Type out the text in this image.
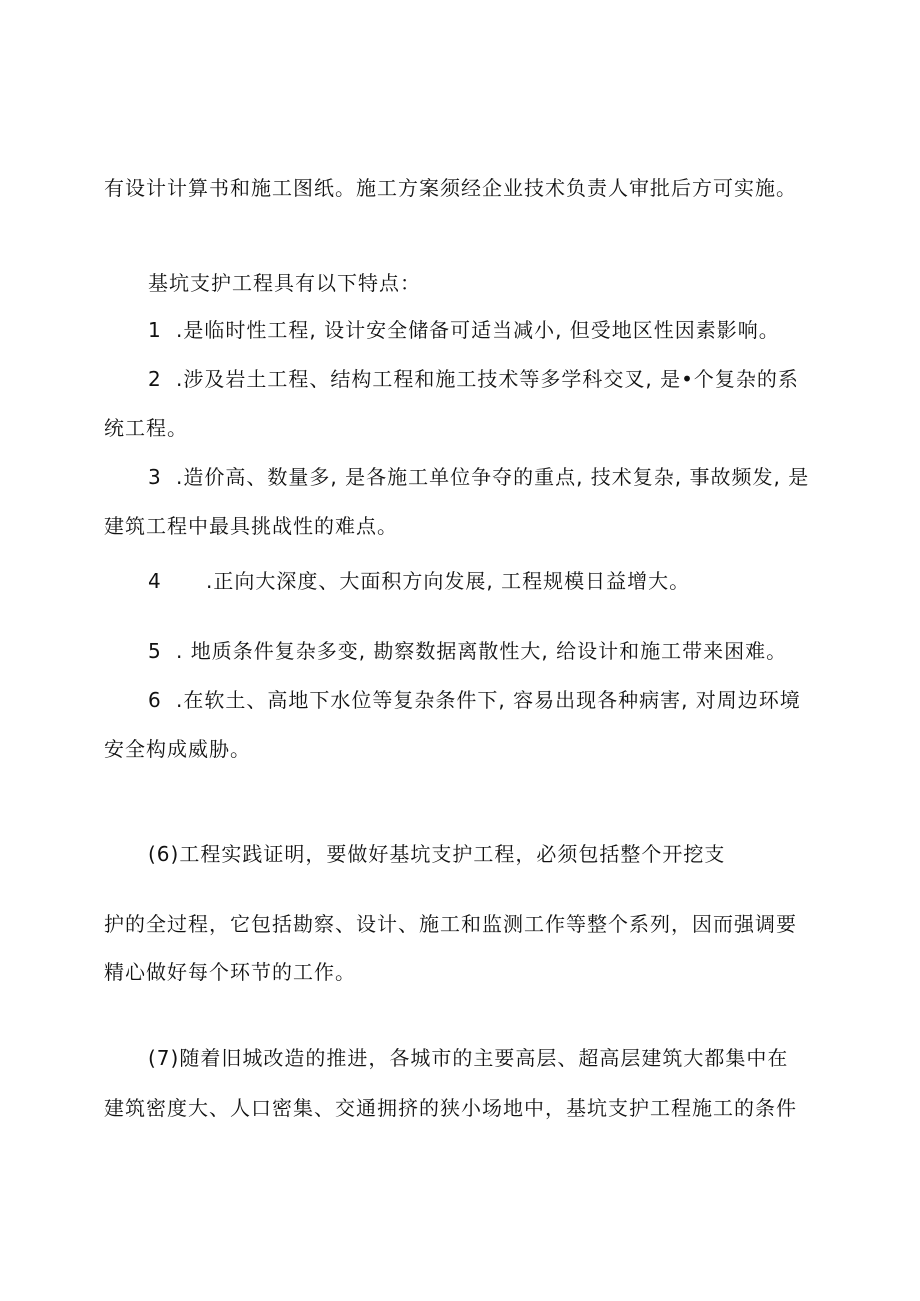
有设计计算书和施工图纸。施工方案须经企业技术负责人审批后方可实施。
基坑支护工程具有以下特点：
1 .是临时性工程, 设计安全储备可适当减小, 但受地区性因素影响。
2 .涉及岩土工程、结构工程和施工技术等多学科交叉, 是•个复杂的系
统工程。
3 .造价高、数量多, 是各施工单位争夺的重点, 技术复杂, 事故频发, 是
建筑工程中最具挑战性的难点。
4 .正向大深度、大面积方向发展, 工程规模日益增大。
5 . 地质条件复杂多变, 勘察数据离散性大, 给设计和施工带来困难。
6 .在软土、高地下水位等复杂条件下, 容易出现各种病害, 对周边环境
安全构成威胁。
(6)工程实践证明，要做好基坑支护工程，必须包括整个开挖支
护的全过程，它包括勘察、设计、施工和监测工作等整个系列，因而强调要
精心做好每个环节的工作。
(7)随着旧城改造的推进，各城市的主要高层、超高层建筑大都集中在
建筑密度大、人口密集、交通拥挤的狭小场地中，基坑支护工程施工的条件
